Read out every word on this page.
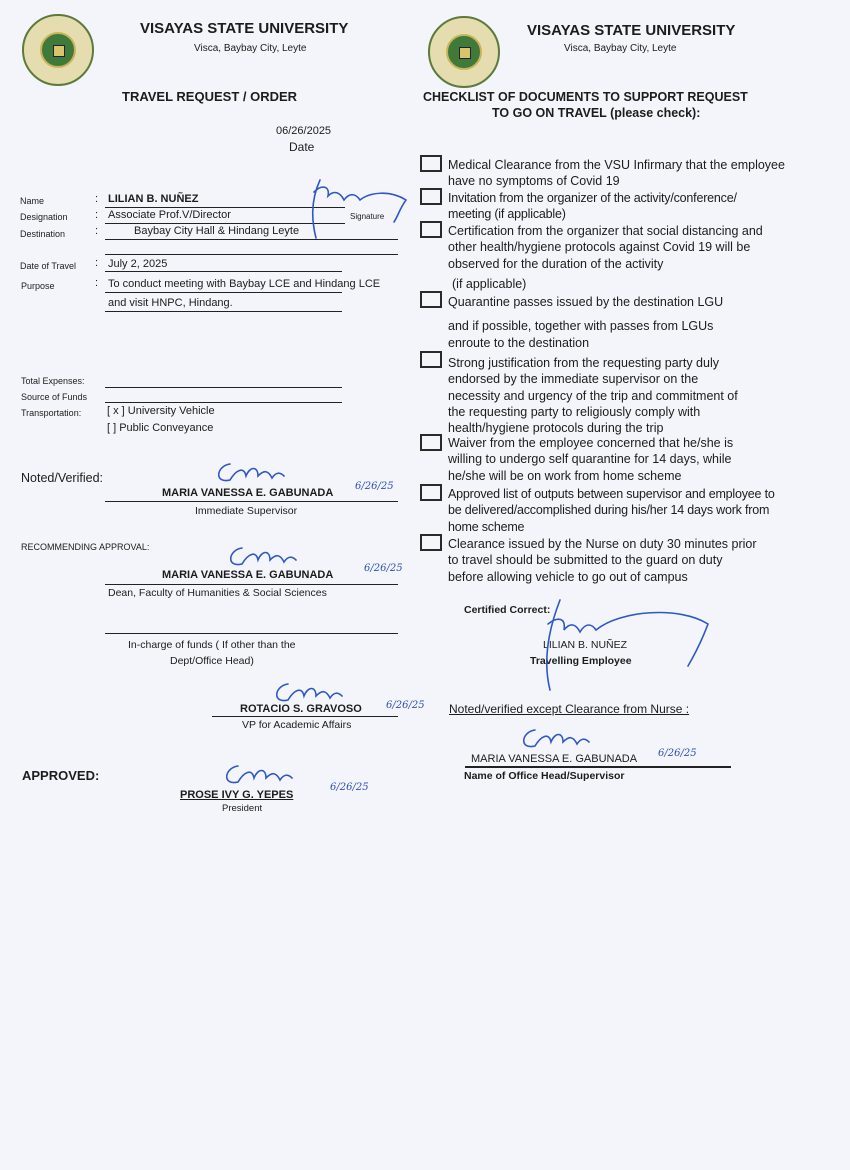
VISAYAS STATE UNIVERSITY
Visca, Baybay City, Leyte
TRAVEL REQUEST / ORDER
VISAYAS STATE UNIVERSITY
Visca, Baybay City, Leyte
CHECKLIST OF DOCUMENTS TO SUPPORT REQUEST
TO GO ON TRAVEL (please check):
06/26/2025
Date
Name	: LILIAN B. NUÑEZ
Signature
Designation : Associate Prof.V/Director
Destination	:	Baybay City Hall & Hindang Leyte
Date of Travel : July 2, 2025
Purpose	: To conduct meeting with Baybay LCE and Hindang LCE
and visit HNPC, Hindang.
Total Expenses:
Source of Funds
Transportation: [ x ] University Vehicle
[ ] Public Conveyance
Noted/Verified:
MARIA VANESSA E. GABUNADA
Immediate Supervisor
6/26/25
RECOMMENDING APPROVAL:
MARIA VANESSA E. GABUNADA
Dean, Faculty of Humanities & Social Sciences
6/26/25
In-charge of funds ( If other than the
Dept/Office Head)
ROTACIO S. GRAVOSO
VP for Academic Affairs
6/26/25
APPROVED:
PROSE IVY G. YEPES
President
6/26/25
Medical Clearance from the VSU Infirmary that the employee have no symptoms of Covid 19
Invitation from the organizer of the activity/conference/ meeting (if applicable)
Certification from the organizer that social distancing and other health/hygiene protocols against Covid 19 will be observed for the duration of the activity
(if applicable)
Quarantine passes issued by the destination LGU
and if possible, together with passes from LGUs enroute to the destination
Strong justification from the requesting party duly endorsed by the immediate supervisor on the necessity and urgency of the trip and commitment of the requesting party to religiously comply with health/hygiene protocols during the trip
Waiver from the employee concerned that he/she is willing to undergo self quarantine for 14 days, while he/she will be on work from home scheme
Approved list of outputs between supervisor and employee to be delivered/accomplished during his/her 14 days work from home scheme
Clearance issued by the Nurse on duty 30 minutes prior to travel should be submitted to the guard on duty before allowing vehicle to go out of campus
Certified Correct:
LILIAN B. NUÑEZ
Travelling Employee
Noted/verified except Clearance from Nurse :
MARIA VANESSA E. GABUNADA
Name of Office Head/Supervisor
6/26/25
